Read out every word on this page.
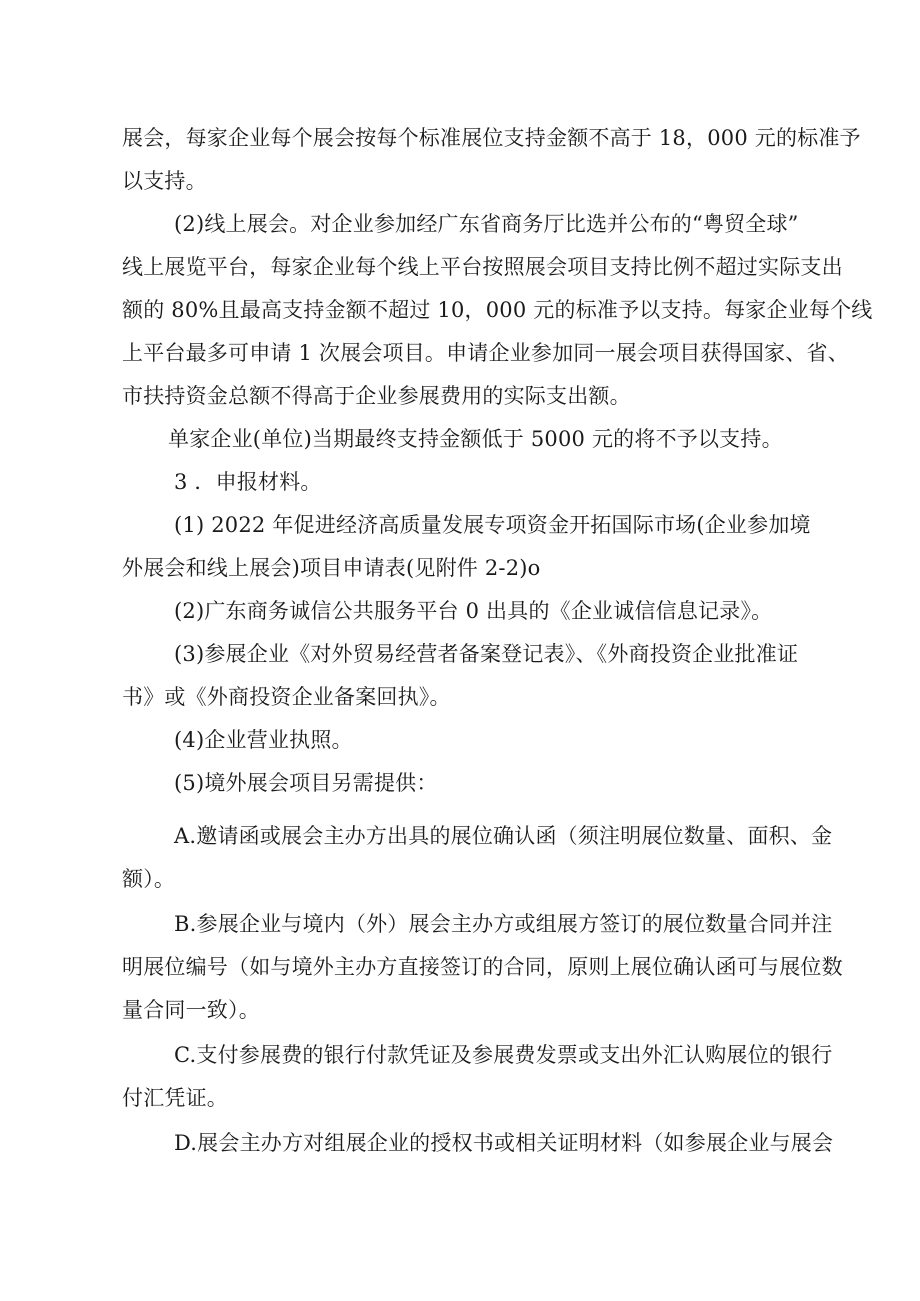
展会，每家企业每个展会按每个标准展位支持金额不高于 18，000 元的标准予
以支持。

(2)线上展会。对企业参加经广东省商务厅比选并公布的“粤贸全球”
线上展览平台，每家企业每个线上平台按照展会项目支持比例不超过实际支出
额的 80%且最高支持金额不超过 10，000 元的标准予以支持。每家企业每个线
上平台最多可申请 1 次展会项目。申请企业参加同一展会项目获得国家、省、
市扶持资金总额不得高于企业参展费用的实际支出额。

单家企业(单位)当期最终支持金额低于 5000 元的将不予以支持。

3 ．申报材料。

(1) 2022 年促进经济高质量发展专项资金开拓国际市场(企业参加境
外展会和线上展会)项目申请表(见附件 2-2)o

(2)广东商务诚信公共服务平台 0 出具的《企业诚信信息记录》。

(3)参展企业《对外贸易经营者备案登记表》、《外商投资企业批准证
书》或《外商投资企业备案回执》。

(4)企业营业执照。

(5)境外展会项目另需提供：

A.邀请函或展会主办方出具的展位确认函（须注明展位数量、面积、金
额）。

B.参展企业与境内（外）展会主办方或组展方签订的展位数量合同并注
明展位编号（如与境外主办方直接签订的合同，原则上展位确认函可与展位数
量合同一致）。

C.支付参展费的银行付款凭证及参展费发票或支出外汇认购展位的银行
付汇凭证。

D.展会主办方对组展企业的授权书或相关证明材料（如参展企业与展会
